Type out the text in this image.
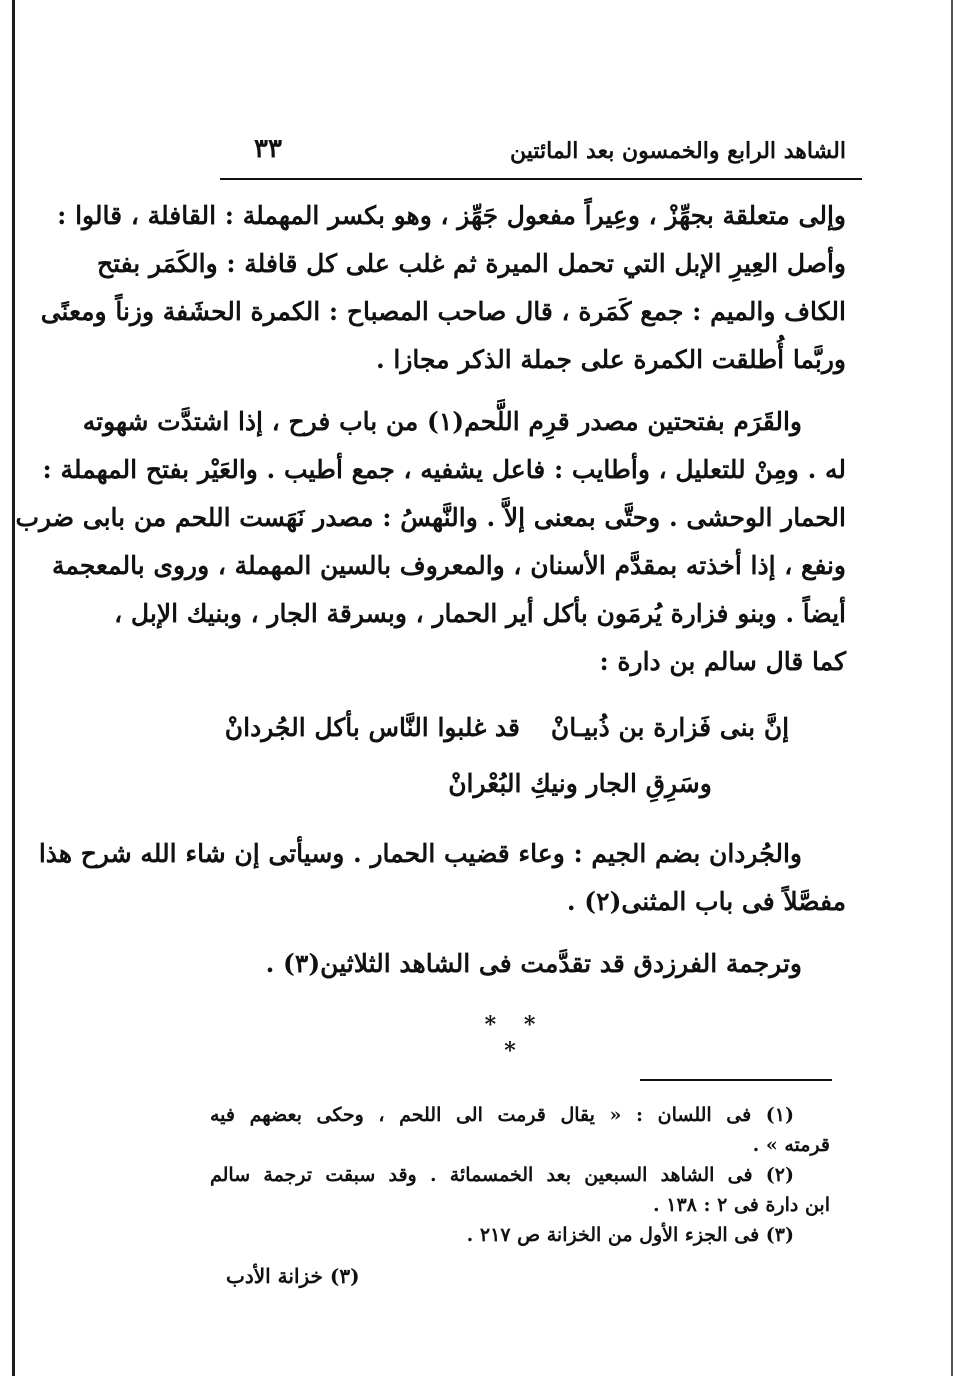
الشاهد الرابع والخمسون بعد المائتين
٣٣
وإلى متعلقة بجهِّزْ ، وعِيراً مفعول جَهِّز ، وهو بكسر المهملة : القافلة ، قالوا :
وأصل العِيرِ الإبل التي تحمل الميرة ثم غلب على كل قافلة : والكَمَر بفتح
الكاف والميم : جمع كَمَرة ، قال صاحب المصباح : الكمرة الحشَفة وزناً ومعنًى
وربَّما أُطلقت الكمرة على جملة الذكر مجازا .
والقَرَم بفتحتين مصدر قرِم اللَّحم(١) من باب فرح ، إذا اشتدَّت شهوته
له . ومِنْ للتعليل ، وأطايب : فاعل يشفيه ، جمع أطيب . والعَيْر بفتح المهملة :
الحمار الوحشى . وحتَّى بمعنى إلاَّ . والنَّهسُ : مصدر نَهَست اللحم من بابى ضرب
ونفع ، إذا أخذته بمقدَّم الأسنان ، والمعروف بالسين المهملة ، وروى بالمعجمة
أيضاً . وبنو فزارة يُرمَون بأكل أير الحمار ، وبسرقة الجار ، وبنيك الإبل ،
كما قال سالم بن دارة :
إنَّ بنى فَزارة بن ذُبيـانْقد غلبوا النَّاس بأكل الجُردانْ
وسَرِقِ الجار ونيكِ البُعْرانْ
والجُردان بضم الجيم : وعاء قضيب الحمار . وسيأتى إن شاء الله شرح هذا
مفصَّلاً فى باب المثنى(٢) .
وترجمة الفرزدق قد تقدَّمت فى الشاهد الثلاثين(٣) .
* * *
(١) فى اللسان : « يقال قرمت الى اللحم ، وحكى بعضهم فيه
قرمته » .
(٢) فى الشاهد السبعين بعد الخمسمائة . وقد سبقت ترجمة سالم
ابن دارة فى ٢ : ١٣٨ .
(٣) فى الجزء الأول من الخزانة ص ٢١٧ .
(٣) خزانة الأدب
